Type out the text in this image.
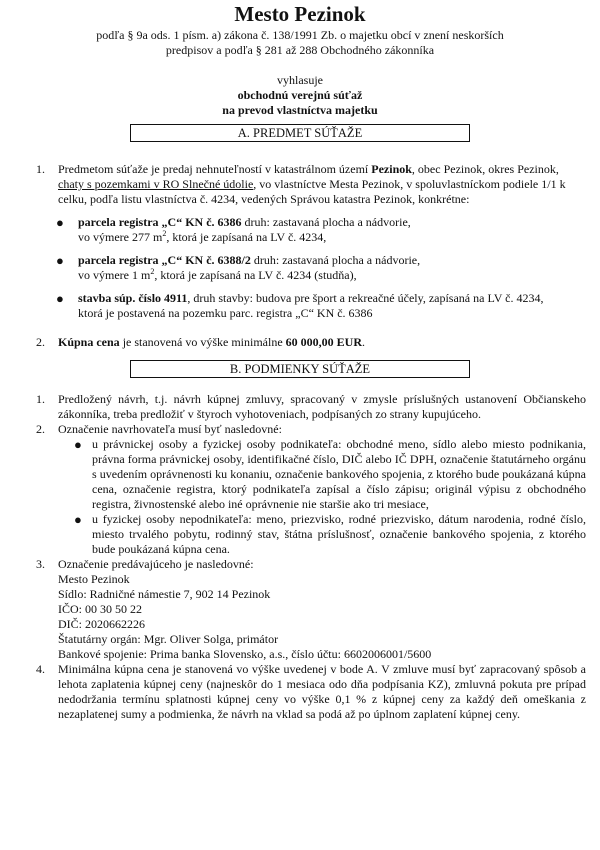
Mesto Pezinok
podľa § 9a ods. 1 písm. a) zákona č. 138/1991 Zb. o majetku obcí v znení neskorších
predpisov a podľa § 281 až 288 Obchodného zákonníka
vyhlasuje
obchodnú verejnú súťaž
na prevod vlastníctva majetku
A. PREDMET SÚŤAŽE
1. Predmetom súťaže je predaj nehnuteľností v katastrálnom území Pezinok, obec Pezinok, okres Pezinok, chaty s pozemkami v RO Slnečné údolie, vo vlastníctve Mesta Pezinok, v spoluvlastníckom podiele 1/1 k celku, podľa listu vlastníctva č. 4234, vedených Správou katastra Pezinok, konkrétne:
● parcela registra „C“ KN č. 6386 druh: zastavaná plocha a nádvorie,
vo výmere 277 $m^2$, ktorá je zapísaná na LV č. 4234,
● parcela registra „C“ KN č. 6388/2 druh: zastavaná plocha a nádvorie,
vo výmere 1 $m^2$, ktorá je zapísaná na LV č. 4234 (studňa),
● stavba súp. číslo 4911, druh stavby: budova pre šport a rekreačné účely, zapísaná na LV č. 4234, ktorá je postavená na pozemku parc. registra „C“ KN č. 6386
2. Kúpna cena je stanovená vo výške minimálne 60 000,00 EUR.
B. PODMIENKY SÚŤAŽE
1. Predložený návrh, t.j. návrh kúpnej zmluvy, spracovaný v zmysle príslušných ustanovení Občianskeho zákonníka, treba predložiť v štyroch vyhotoveniach, podpísaných zo strany kupujúceho.
2. Označenie navrhovateľa musí byť nasledovné:
● u právnickej osoby a fyzickej osoby podnikateľa: obchodné meno, sídlo alebo miesto podnikania, právna forma právnickej osoby, identifikačné číslo, DIČ alebo IČ DPH, označenie štatutárneho orgánu s uvedením oprávnenosti ku konaniu, označenie bankového spojenia, z ktorého bude poukázaná kúpna cena, označenie registra, ktorý podnikateľa zapísal a číslo zápisu; originál výpisu z obchodného registra, živnostenské alebo iné oprávnenie nie staršie ako tri mesiace,
● u fyzickej osoby nepodnikateľa: meno, priezvisko, rodné priezvisko, dátum narodenia, rodné číslo, miesto trvalého pobytu, rodinný stav, štátna príslušnosť, označenie bankového spojenia, z ktorého bude poukázaná kúpna cena.
3. Označenie predávajúceho je nasledovné:
Mesto Pezinok
Sídlo: Radničné námestie 7, 902 14 Pezinok
IČO: 00 30 50 22
DIČ: 2020662226
Štatutárny orgán: Mgr. Oliver Solga, primátor
Bankové spojenie: Prima banka Slovensko, a.s., číslo účtu: 6602006001/5600
4. Minimálna kúpna cena je stanovená vo výške uvedenej v bode A. V zmluve musí byť zapracovaný spôsob a lehota zaplatenia kúpnej ceny (najneskôr do 1 mesiaca odo dňa podpísania KZ), zmluvná pokuta pre prípad nedodržania termínu splatnosti kúpnej ceny vo výške 0,1 % z kúpnej ceny za každý deň omeškania z nezaplatenej sumy a podmienka, že návrh na vklad sa podá až po úplnom zaplatení kúpnej ceny.
